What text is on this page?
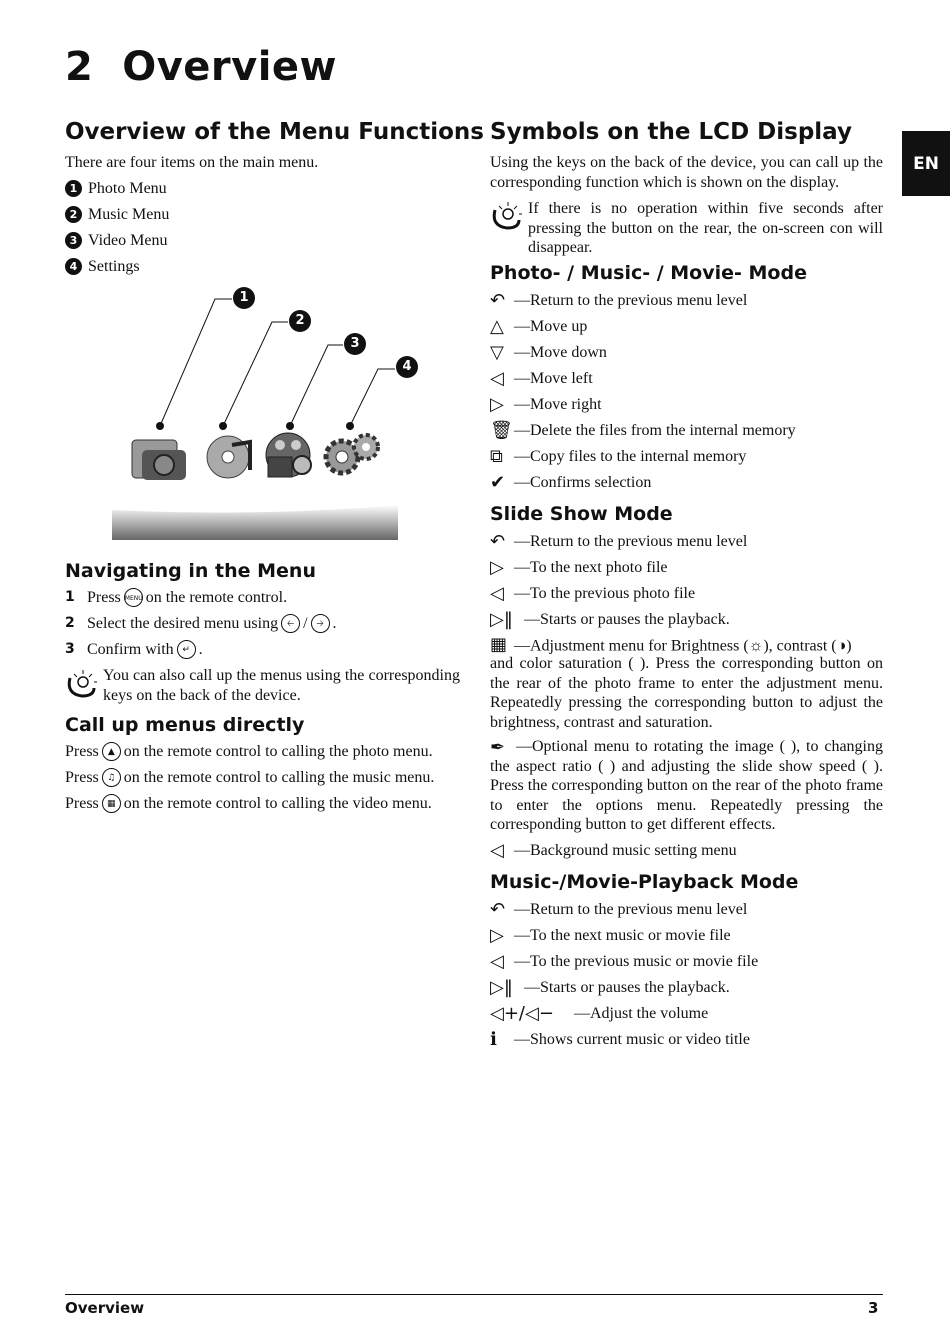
2 Overview
EN
Overview of the Menu Functions
There are four items on the main menu.
1 Photo Menu
2 Music Menu
3 Video Menu
4 Settings
1
2
3
4
Navigating in the Menu
1 Press MENU on the remote control.
2 Select the desired menu using 🡠 / 🡢 .
3 Confirm with ↵ .
You can also call up the menus using the corresponding keys on the back of the device.
Call up menus directly
Press	▲ on the remote control to calling the photo menu.
Press ♫ on the remote control to calling the music menu.
Press ▦ on the remote control to calling the video menu.
Symbols on the LCD Display
Using the keys on the back of the device, you can call up the corresponding function which is shown on the display.
If there is no operation within five seconds after pressing the button on the rear, the on-screen con will disappear.
Photo- / Music- / Movie- Mode
↶ —Return to the previous menu level
△ —Move up
▽ —Move down
◁ —Move left
▷ —Move right
🗑 —Delete the files from the internal memory
⧉ —Copy files to the internal memory
✔ —Confirms selection
Slide Show Mode
↶ —Return to the previous menu level
▷ —To the next photo file
◁ —To the previous photo file
▷‖ —Starts or pauses the playback.
▦ —Adjustment menu for Brightness (☼), contrast (◑)
and color saturation ( ). Press the corresponding button on the rear of the photo frame to enter the adjustment menu. Repeatedly pressing the corresponding button to adjust the brightness, contrast and saturation.
—Optional menu to rotating the image ( ), to changing the aspect ratio ( ) and adjusting the slide show speed ( ). Press the corresponding button on the rear of the photo frame to enter the options menu. Repeatedly pressing the corresponding button to get different effects.
✒
◁ —Background music setting menu
Music-/Movie-Playback Mode
↶ —Return to the previous menu level
▷ —To the next music or movie file
◁ —To the previous music or movie file
▷‖ —Starts or pauses the playback.
◁+/◁−	—Adjust the volume
ℹ	—Shows current music or video title
Overview	3
